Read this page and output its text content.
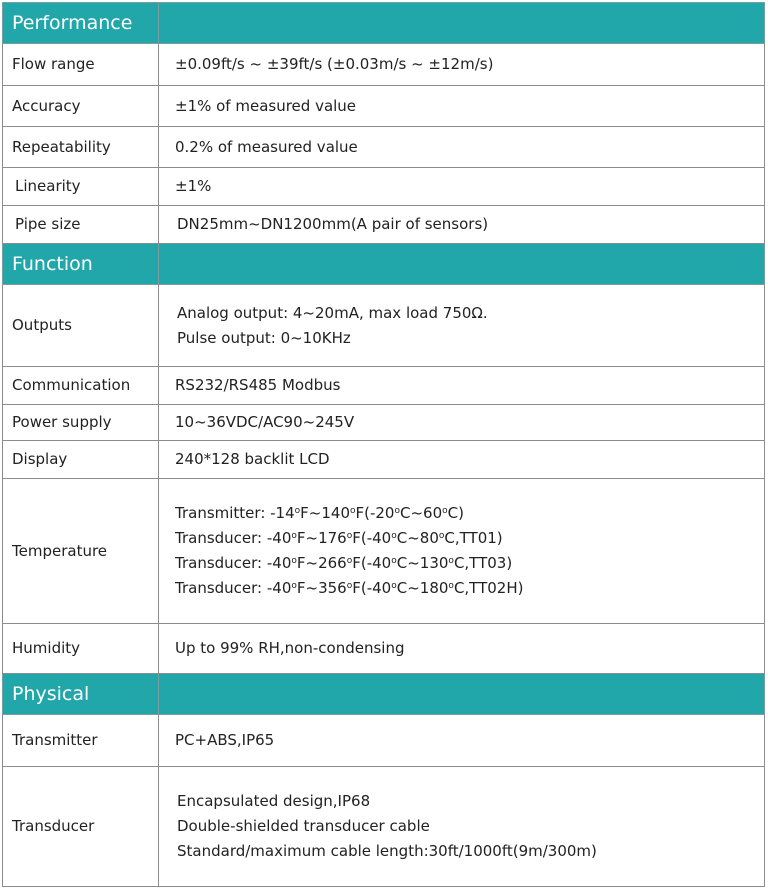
Performance	
Flow range	±0.09ft/s ~ ±39ft/s (±0.03m/s ~ ±12m/s)
Accuracy	±1% of measured value
Repeatability	0.2% of measured value
Linearity	±1%
Pipe size	DN25mm~DN1200mm(A pair of sensors)
Function	
Outputs	Analog output: 4~20mA, max load 750Ω.
Pulse output: 0~10KHz

Communication	RS232/RS485 Modbus
Power supply	10~36VDC/AC90~245V
Display	240*128 backlit LCD
Temperature	Transmitter: -14$^o$F~140$^o$F(-20$^o$C~60$^o$C)
Transducer: -40$^o$F~176$^o$F(-40$^o$C~80$^o$C,TT01)
Transducer: -40$^o$F~266$^o$F(-40$^o$C~130$^o$C,TT03)
Transducer: -40$^o$F~356$^o$F(-40$^o$C~180$^o$C,TT02H)

Humidity	Up to 99% RH,non-condensing
Physical	
Transmitter	PC+ABS,IP65
Transducer	Encapsulated design,IP68
Double-shielded transducer cable
Standard/maximum cable length:30ft/1000ft(9m/300m)
